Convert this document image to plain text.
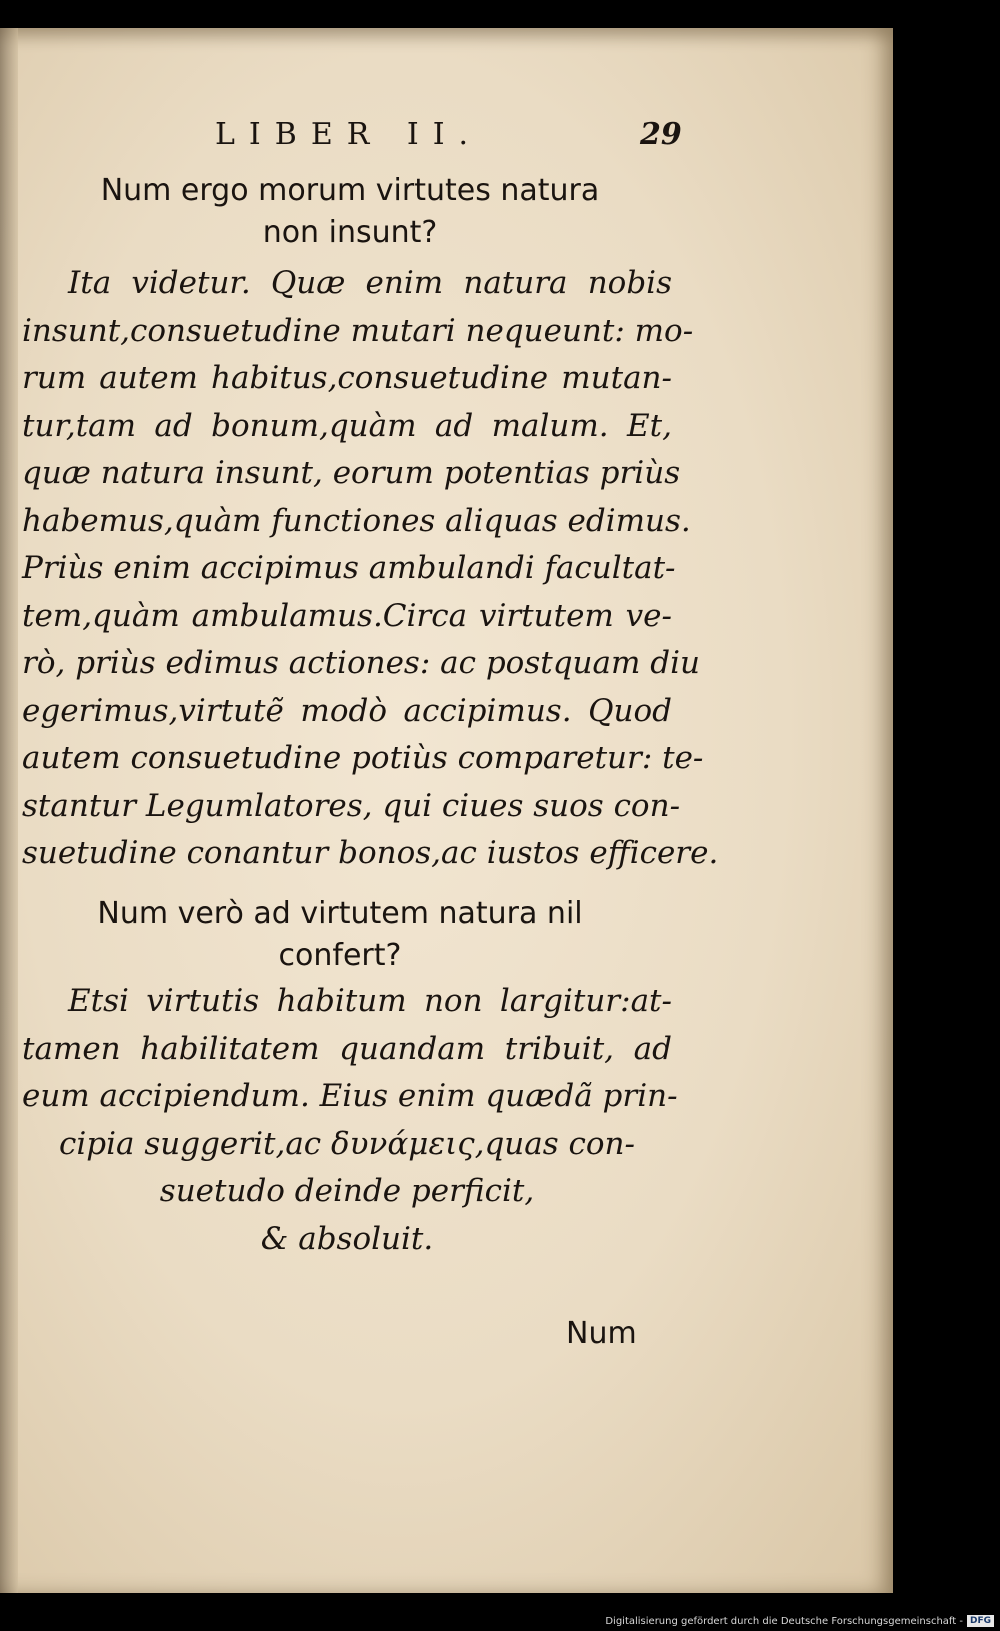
LIBER II.	29
Num ergo morum virtutes natura
non insunt?
Ita videtur. Quæ enim natura nobis
insunt,consuetudine mutari nequeunt: mo-
rum autem habitus,consuetudine mutan-
tur,tam ad bonum,quàm ad malum. Et,
quæ natura insunt, eorum potentias priùs
habemus,quàm functiones aliquas edimus.
Priùs enim accipimus ambulandi facultat-
tem,quàm ambulamus.Circa virtutem ve-
rò, priùs edimus actiones: ac postquam diu
egerimus,virtutẽ modò accipimus. Quod
autem consuetudine potiùs comparetur: te-
stantur Legumlatores, qui ciues suos con-
suetudine conantur bonos,ac iustos efficere.
Num verò ad virtutem natura nil
confert?
Etsi virtutis habitum non largitur:at-
tamen habilitatem quandam tribuit, ad
eum accipiendum. Eius enim quædã prin-
cipia suggerit,ac δυνάμεις,quas con-
suetudo deinde perficit,
& absoluit.
Num
Digitalisierung gefördert durch die Deutsche Forschungsgemeinschaft - DFG
